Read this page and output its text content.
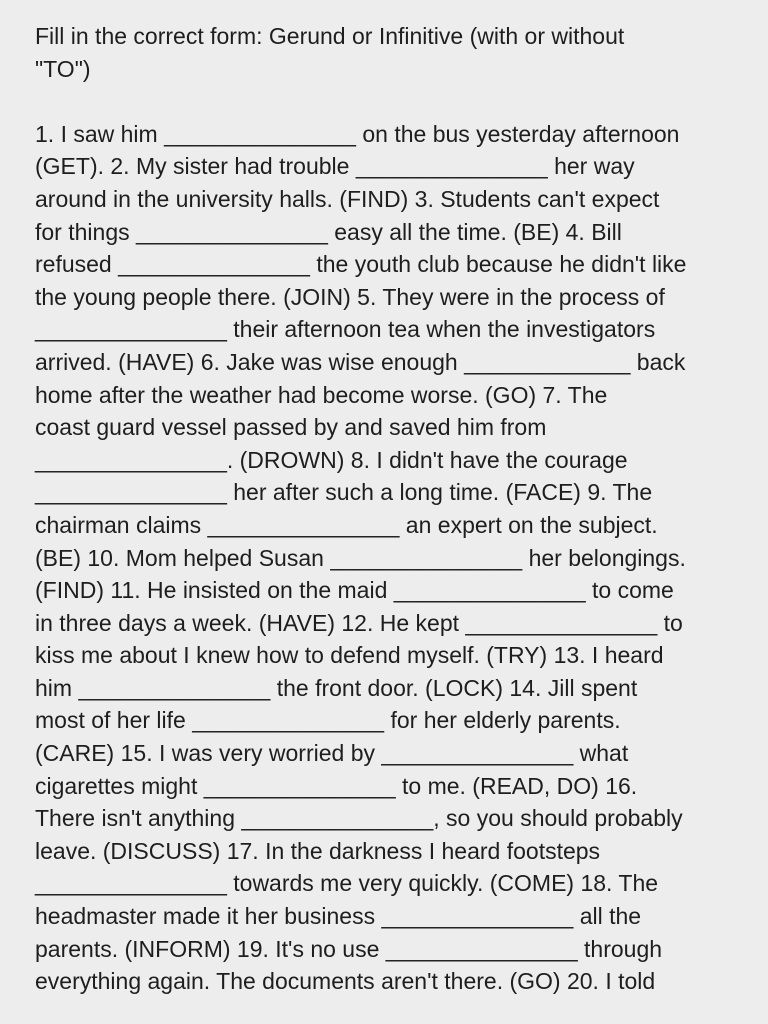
Fill in the correct form: Gerund or Infinitive (with or without
"TO")
1. I saw him _______________ on the bus yesterday afternoon
(GET). 2. My sister had trouble _______________ her way
around in the university halls. (FIND) 3. Students can't expect
for things _______________ easy all the time. (BE) 4. Bill
refused _______________ the youth club because he didn't like
the young people there. (JOIN) 5. They were in the process of
_______________ their afternoon tea when the investigators
arrived. (HAVE) 6. Jake was wise enough _____________ back
home after the weather had become worse. (GO) 7. The
coast guard vessel passed by and saved him from
_______________. (DROWN) 8. I didn't have the courage
_______________ her after such a long time. (FACE) 9. The
chairman claims _______________ an expert on the subject.
(BE) 10. Mom helped Susan _______________ her belongings.
(FIND) 11. He insisted on the maid _______________ to come
in three days a week. (HAVE) 12. He kept _______________ to
kiss me about I knew how to defend myself. (TRY) 13. I heard
him _______________ the front door. (LOCK) 14. Jill spent
most of her life _______________ for her elderly parents.
(CARE) 15. I was very worried by _______________ what
cigarettes might _______________ to me. (READ, DO) 16.
There isn't anything _______________, so you should probably
leave. (DISCUSS) 17. In the darkness I heard footsteps
_______________ towards me very quickly. (COME) 18. The
headmaster made it her business _______________ all the
parents. (INFORM) 19. It's no use _______________ through
everything again. The documents aren't there. (GO) 20. I told
